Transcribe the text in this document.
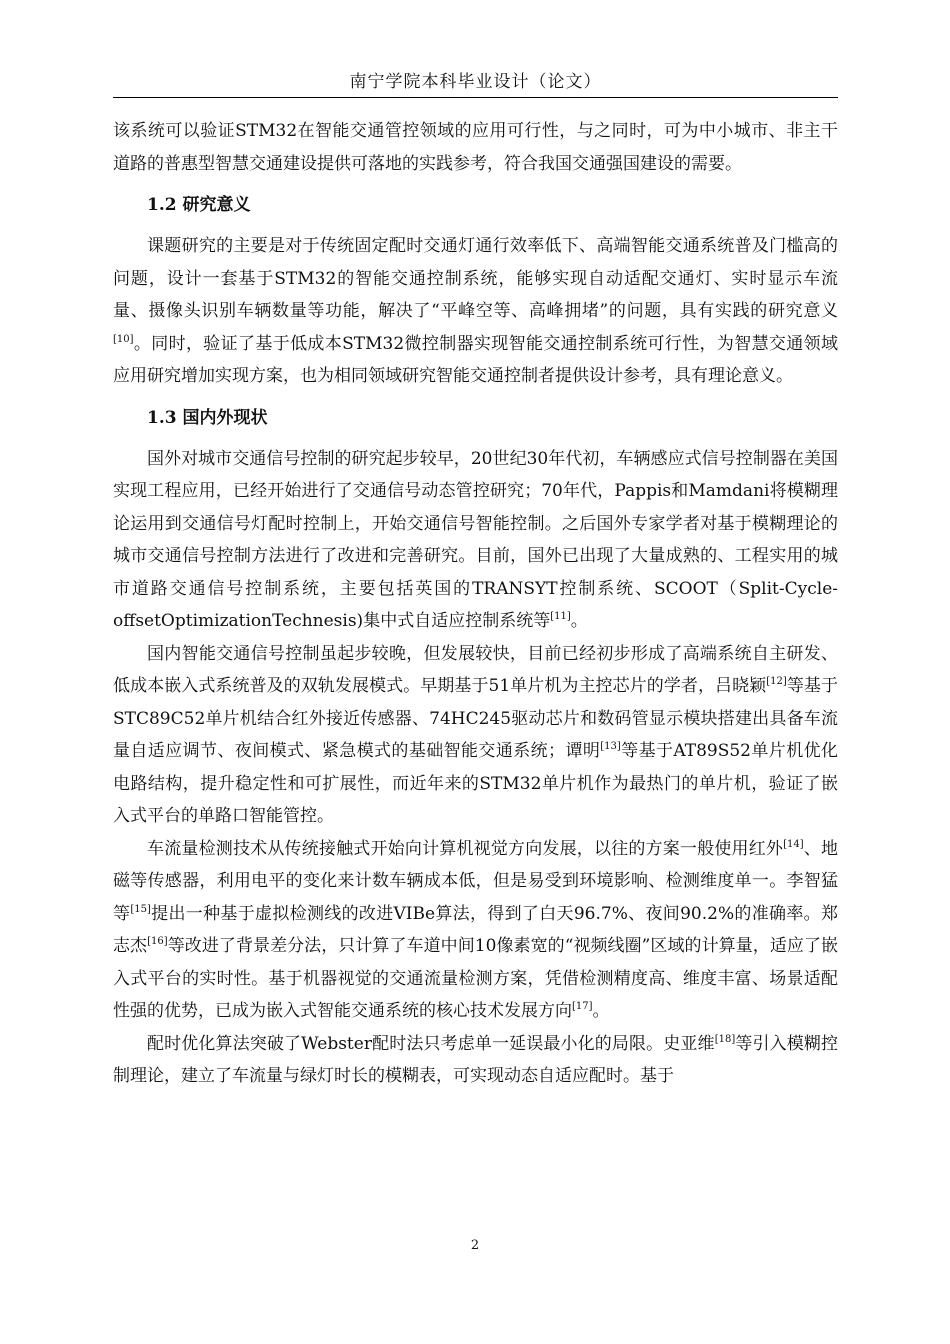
南宁学院本科毕业设计（论文）

该系统可以验证STM32在智能交通管控领域的应用可行性，与之同时，可为中小城市、非主干道路的普惠型智慧交通建设提供可落地的实践参考，符合我国交通强国建设的需要。

1.2 研究意义

课题研究的主要是对于传统固定配时交通灯通行效率低下、高端智能交通系统普及门槛高的问题，设计一套基于STM32的智能交通控制系统，能够实现自动适配交通灯、实时显示车流量、摄像头识别车辆数量等功能，解决了“平峰空等、高峰拥堵”的问题，具有实践的研究意义[10]。同时，验证了基于低成本STM32微控制器实现智能交通控制系统可行性，为智慧交通领域应用研究增加实现方案，也为相同领域研究智能交通控制者提供设计参考，具有理论意义。

1.3 国内外现状

国外对城市交通信号控制的研究起步较早，20世纪30年代初，车辆感应式信号控制器在美国实现工程应用，已经开始进行了交通信号动态管控研究；70年代，Pappis和Mamdani将模糊理论运用到交通信号灯配时控制上，开始交通信号智能控制。之后国外专家学者对基于模糊理论的城市交通信号控制方法进行了改进和完善研究。目前，国外已出现了大量成熟的、工程实用的城市道路交通信号控制系统，主要包括英国的TRANSYT控制系统、SCOOT（Split-Cycle-offsetOptimizationTechnesis)集中式自适应控制系统等[11]。

国内智能交通信号控制虽起步较晚，但发展较快，目前已经初步形成了高端系统自主研发、低成本嵌入式系统普及的双轨发展模式。早期基于51单片机为主控芯片的学者，吕晓颖[12]等基于STC89C52单片机结合红外接近传感器、74HC245驱动芯片和数码管显示模块搭建出具备车流量自适应调节、夜间模式、紧急模式的基础智能交通系统；谭明[13]等基于AT89S52单片机优化电路结构，提升稳定性和可扩展性，而近年来的STM32单片机作为最热门的单片机，验证了嵌入式平台的单路口智能管控。

车流量检测技术从传统接触式开始向计算机视觉方向发展，以往的方案一般使用红外[14]、地磁等传感器，利用电平的变化来计数车辆成本低，但是易受到环境影响、检测维度单一。李智猛等[15]提出一种基于虚拟检测线的改进VIBe算法，得到了白天96.7%、夜间90.2%的准确率。郑志杰[16]等改进了背景差分法，只计算了车道中间10像素宽的“视频线圈”区域的计算量，适应了嵌入式平台的实时性。基于机器视觉的交通流量检测方案，凭借检测精度高、维度丰富、场景适配性强的优势，已成为嵌入式智能交通系统的核心技术发展方向[17]。

配时优化算法突破了Webster配时法只考虑单一延误最小化的局限。史亚维[18]等引入模糊控制理论，建立了车流量与绿灯时长的模糊表，可实现动态自适应配时。基于

2
